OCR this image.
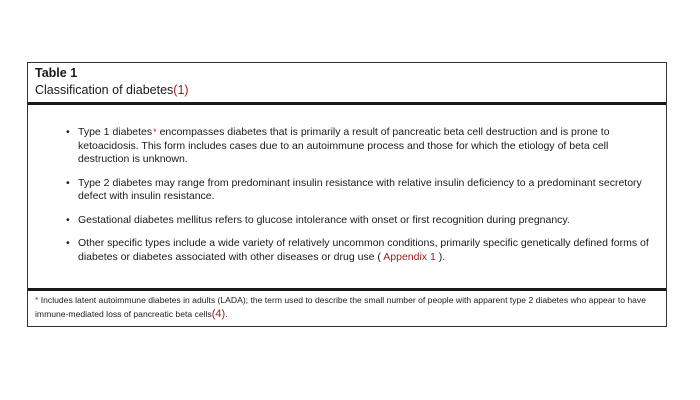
Table 1
Classification of diabetes(1)
• Type 1 diabetes* encompasses diabetes that is primarily a result of pancreatic beta cell destruction and is prone to ketoacidosis. This form includes cases due to an autoimmune process and those for which the etiology of beta cell destruction is unknown.
• Type 2 diabetes may range from predominant insulin resistance with relative insulin deficiency to a predominant secretory defect with insulin resistance.
• Gestational diabetes mellitus refers to glucose intolerance with onset or first recognition during pregnancy.
• Other specific types include a wide variety of relatively uncommon conditions, primarily specific genetically defined forms of diabetes or diabetes associated with other diseases or drug use ( Appendix 1 ).
* Includes latent autoimmune diabetes in adults (LADA); the term used to describe the small number of people with apparent type 2 diabetes who appear to have immune-mediated loss of pancreatic beta cells(4).
